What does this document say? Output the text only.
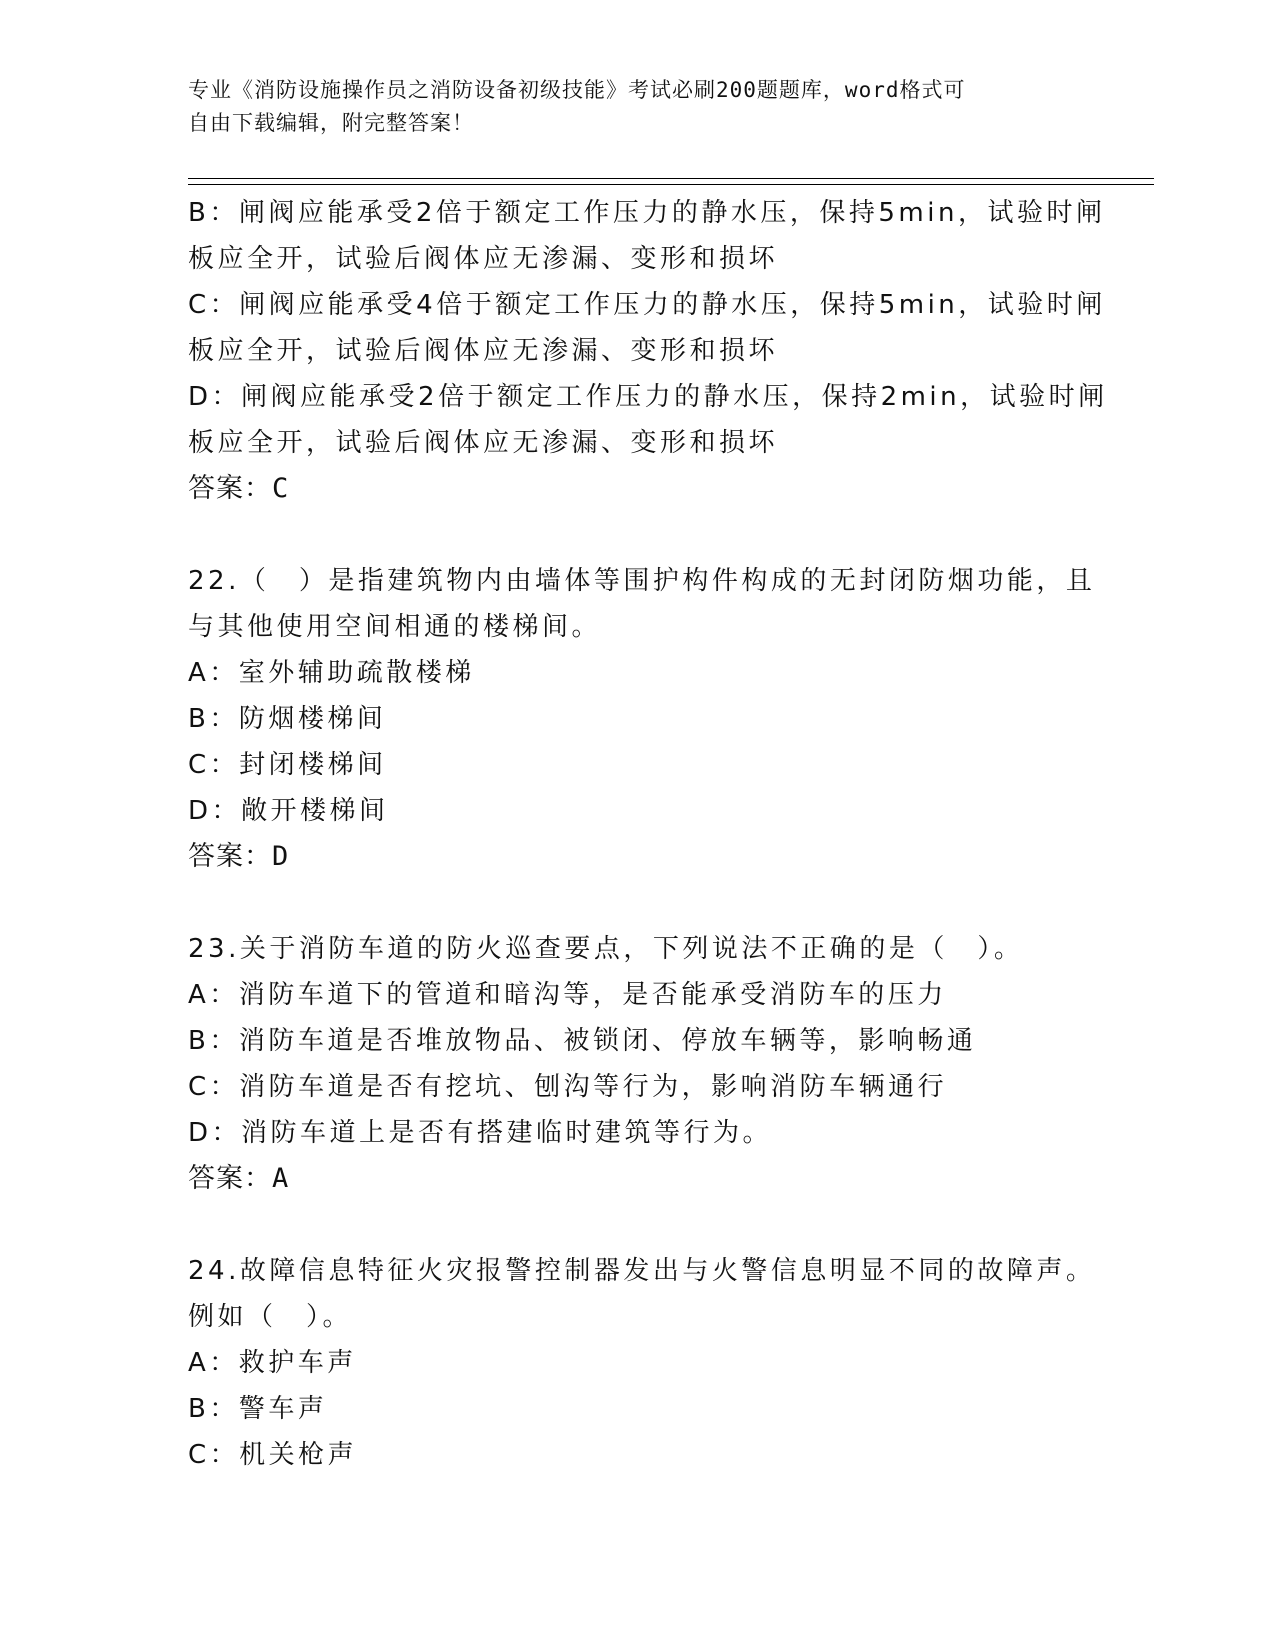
专业《消防设施操作员之消防设备初级技能》考试必刷200题题库，word格式可
自由下载编辑，附完整答案！
B：闸阀应能承受2倍于额定工作压力的静水压，保持5min，试验时闸
板应全开，试验后阀体应无渗漏、变形和损坏
C：闸阀应能承受4倍于额定工作压力的静水压，保持5min，试验时闸
板应全开，试验后阀体应无渗漏、变形和损坏
D：闸阀应能承受2倍于额定工作压力的静水压，保持2min，试验时闸
板应全开，试验后阀体应无渗漏、变形和损坏
答案：C
22.（　）是指建筑物内由墙体等围护构件构成的无封闭防烟功能，且
与其他使用空间相通的楼梯间。
A：室外辅助疏散楼梯
B：防烟楼梯间
C：封闭楼梯间
D：敞开楼梯间
答案：D
23.关于消防车道的防火巡查要点，下列说法不正确的是（　）。
A：消防车道下的管道和暗沟等，是否能承受消防车的压力
B：消防车道是否堆放物品、被锁闭、停放车辆等，影响畅通
C：消防车道是否有挖坑、刨沟等行为，影响消防车辆通行
D：消防车道上是否有搭建临时建筑等行为。
答案：A
24.故障信息特征火灾报警控制器发出与火警信息明显不同的故障声。
例如（　）。
A：救护车声
B：警车声
C：机关枪声
